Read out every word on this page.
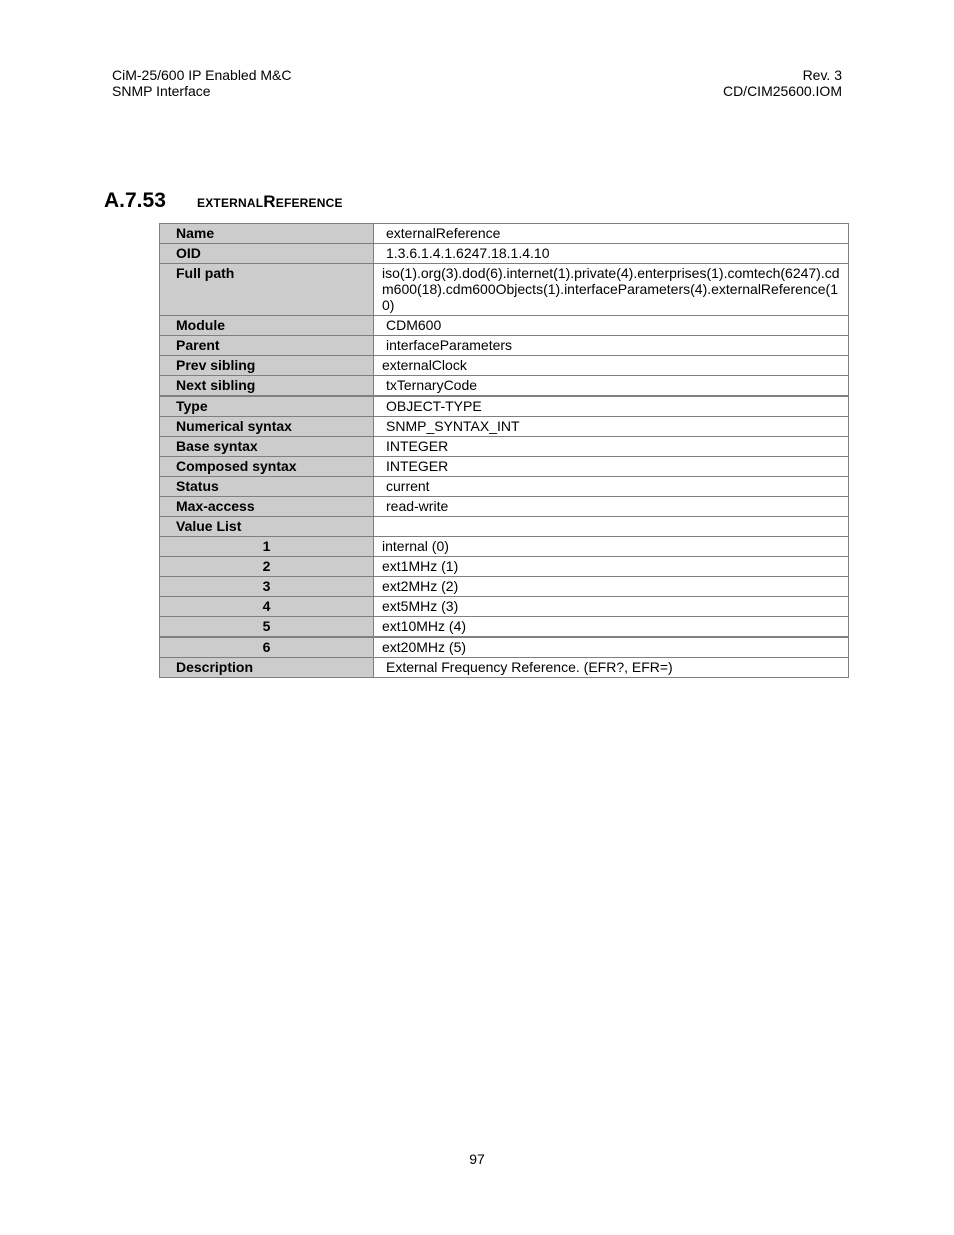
CiM-25/600 IP Enabled M&C
SNMP Interface
Rev. 3
CD/CIM25600.IOM
A.7.53 externalReference
Name	externalReference
OID	1.3.6.1.4.1.6247.18.1.4.10
Full path	iso(1).org(3).dod(6).internet(1).private(4).enterprises(1).comtech(6247).cdm600(18).cdm600Objects(1).interfaceParameters(4).externalReference(10)
Module	CDM600
Parent	interfaceParameters
Prev sibling	externalClock
Next sibling	txTernaryCode
Type	OBJECT-TYPE
Numerical syntax	SNMP_SYNTAX_INT
Base syntax	INTEGER
Composed syntax	INTEGER
Status	current
Max-access	read-write
Value List	
1	internal (0)
2	ext1MHz (1)
3	ext2MHz (2)
4	ext5MHz (3)
5	ext10MHz (4)
6	ext20MHz (5)
Description	External Frequency Reference. (EFR?, EFR=)
97
